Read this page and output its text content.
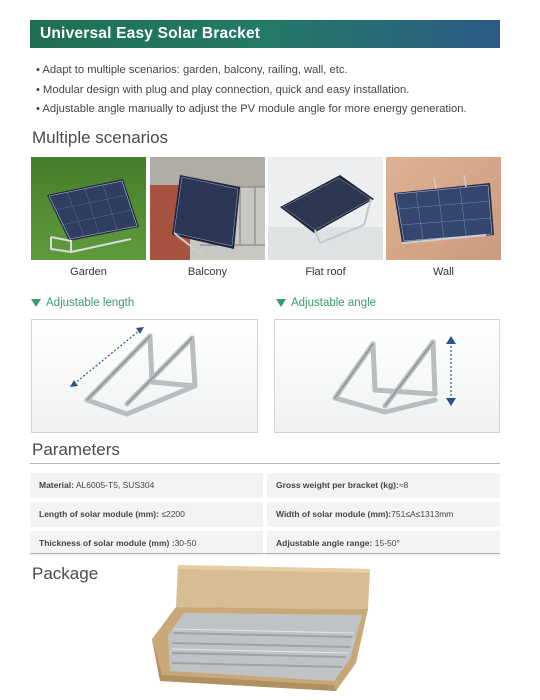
Universal Easy Solar Bracket
• Adapt to multiple scenarios: garden, balcony, railing, wall, etc.
• Modular design with plug and play connection, quick and easy installation.
• Adjustable angle manually to adjust the PV module angle for more energy generation.
Multiple scenarios
Garden	Balcony	Flat roof	Wall
Adjustable length	Adjustable angle
Parameters
Material: AL6005-T5, SUS304	Gross weight per bracket (kg):≈8
Length of solar module (mm): ≤2200	Width of solar module (mm):751≤A≤1313mm
Thickness of solar module (mm) :30-50	Adjustable angle range: 15-50°
Package
